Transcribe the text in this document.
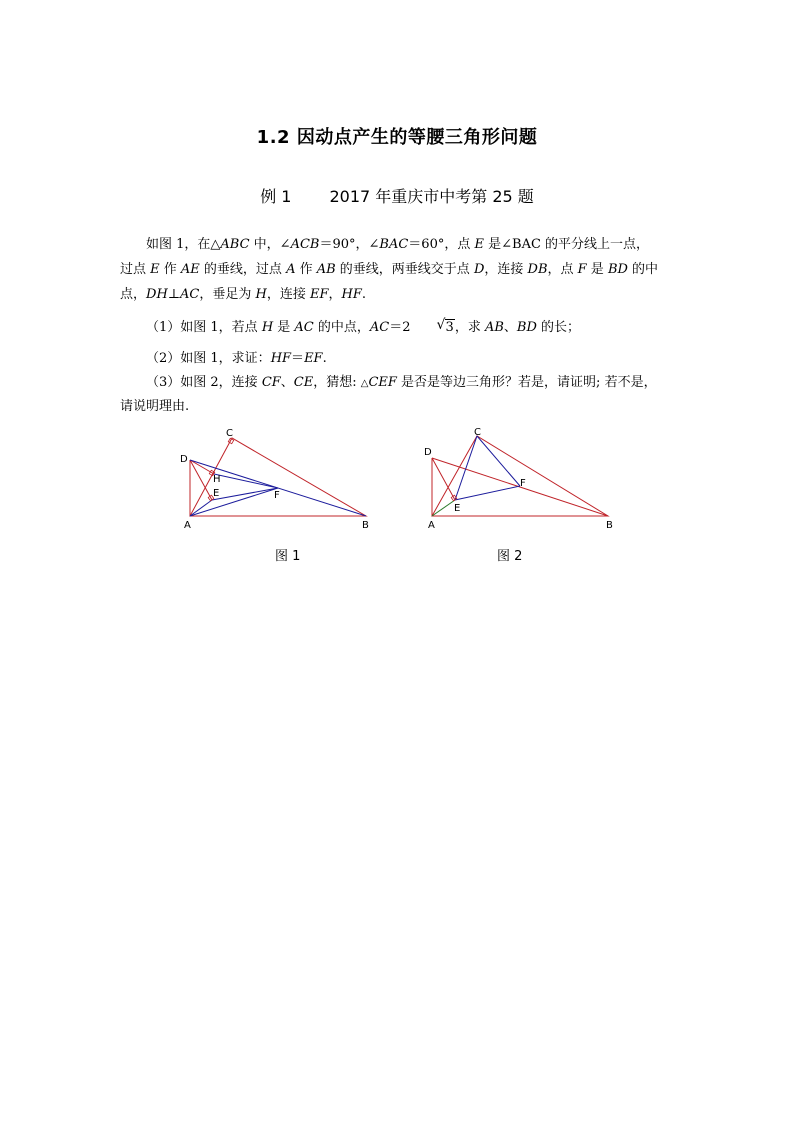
1.2 因动点产生的等腰三角形问题
例 1 2017 年重庆市中考第 25 题
如图 1，在△ABC 中，∠ACB＝90°，∠BAC＝60°，点 E 是∠BAC 的平分线上一点，
过点 E 作 AE 的垂线，过点 A 作 AB 的垂线，两垂线交于点 D，连接 DB，点 F 是 BD 的中
点，DH⊥AC，垂足为 H，连接 EF，HF.
（1）如图 1，若点 H 是 AC 的中点，AC＝2	√ 3，求 AB、BD 的长；
（2）如图 1，求证：HF＝EF.
（3）如图 2，连接 CF、CE，猜想: △CEF 是否是等边三角形？若是，请证明; 若不是，
请说明理由.
A	B
C
D
E	F
H
图 1
A	B
C
D
E
F
图 2
